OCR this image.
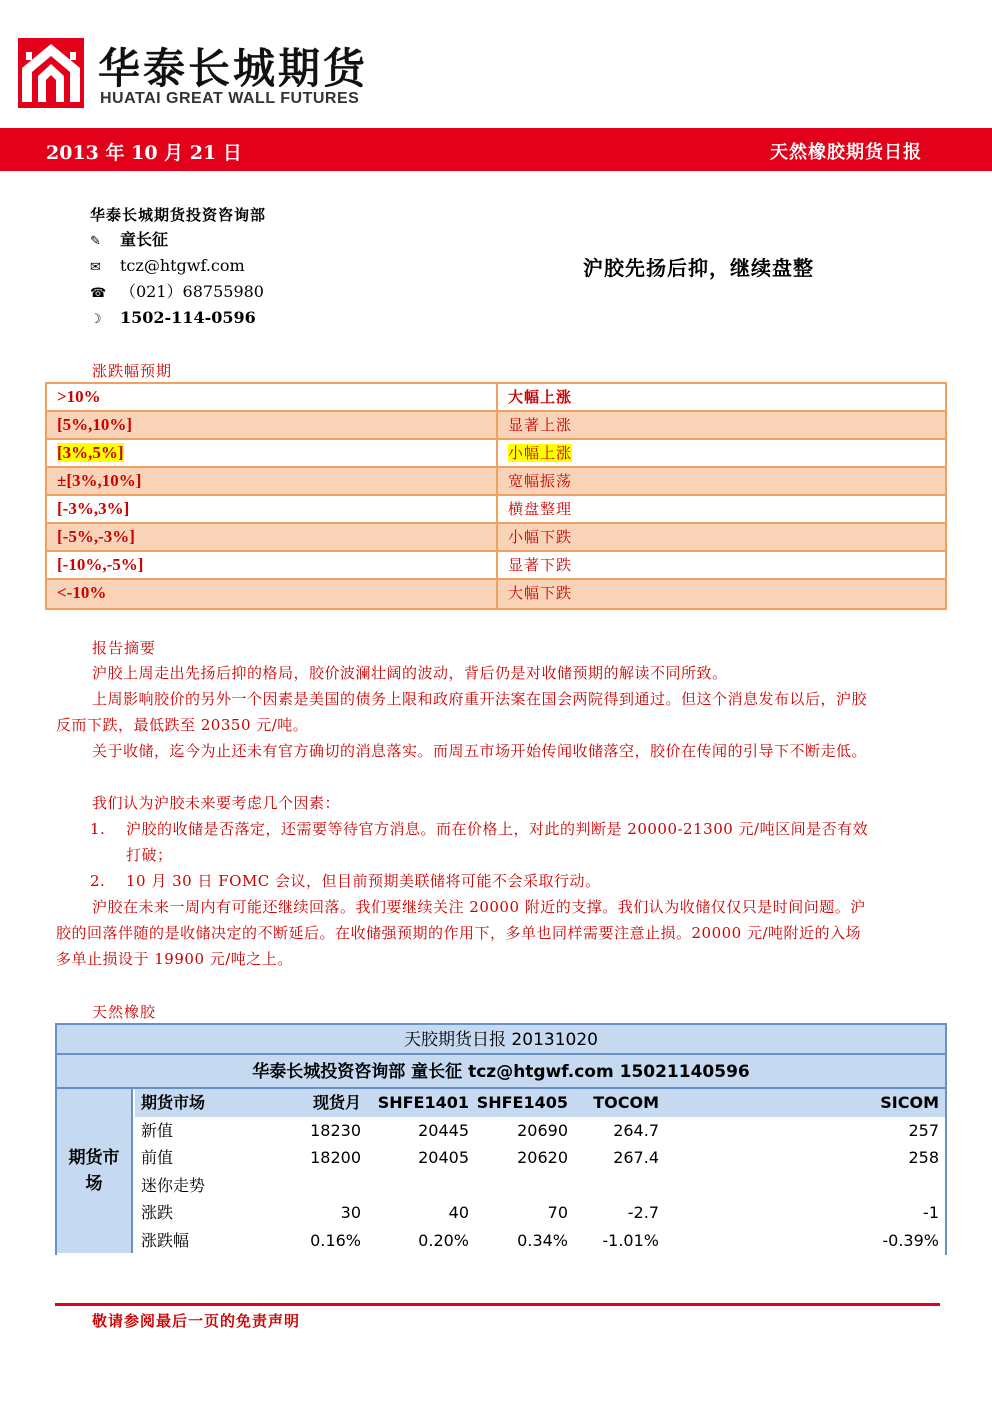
华泰长城期货
HUATAI GREAT WALL FUTURES
2013 年 10 月 21 日	天然橡胶期货日报
华泰长城期货投资咨询部
✎ 童长征
✉ tcz@htgwf.com
☎ （021）68755980
☽ 1502-114-0596
沪胶先扬后抑，继续盘整
涨跌幅预期
>10%	大幅上涨
[5%,10%]	显著上涨
[3%,5%]	小幅上涨
±[3%,10%]	宽幅振荡
[-3%,3%]	横盘整理
[-5%,-3%]	小幅下跌
[-10%,-5%]	显著下跌
<-10%	大幅下跌
报告摘要
沪胶上周走出先扬后抑的格局，胶价波澜壮阔的波动，背后仍是对收储预期的解读不同所致。
上周影响胶价的另外一个因素是美国的债务上限和政府重开法案在国会两院得到通过。但这个消息发布以后，沪胶反而下跌，最低跌至 20350 元/吨。
关于收储，迄今为止还未有官方确切的消息落实。而周五市场开始传闻收储落空，胶价在传闻的引导下不断走低。
我们认为沪胶未来要考虑几个因素：
1.	沪胶的收储是否落定，还需要等待官方消息。而在价格上，对此的判断是 20000-21300 元/吨区间是否有效打破；
2.	10 月 30 日 FOMC 会议，但目前预期美联储将可能不会采取行动。
沪胶在未来一周内有可能还继续回落。我们要继续关注 20000 附近的支撑。我们认为收储仅仅只是时间问题。沪胶的回落伴随的是收储决定的不断延后。在收储强预期的作用下，多单也同样需要注意止损。20000 元/吨附近的入场多单止损设于 19900 元/吨之上。
天然橡胶
天胶期货日报 20131020
华泰长城投资咨询部 童长征 tcz@htgwf.com 15021140596
期货市场
期货市场	现货月 SHFE1401 SHFE1405 TOCOM	SICOM
新值	18230	20445	20690	264.7	257
前值	18200	20405	20620	267.4	258
迷你走势
涨跌	30	40	70	-2.7	-1
涨跌幅	0.16%	0.20%	0.34% -1.01%	-0.39%
敬请参阅最后一页的免责声明
